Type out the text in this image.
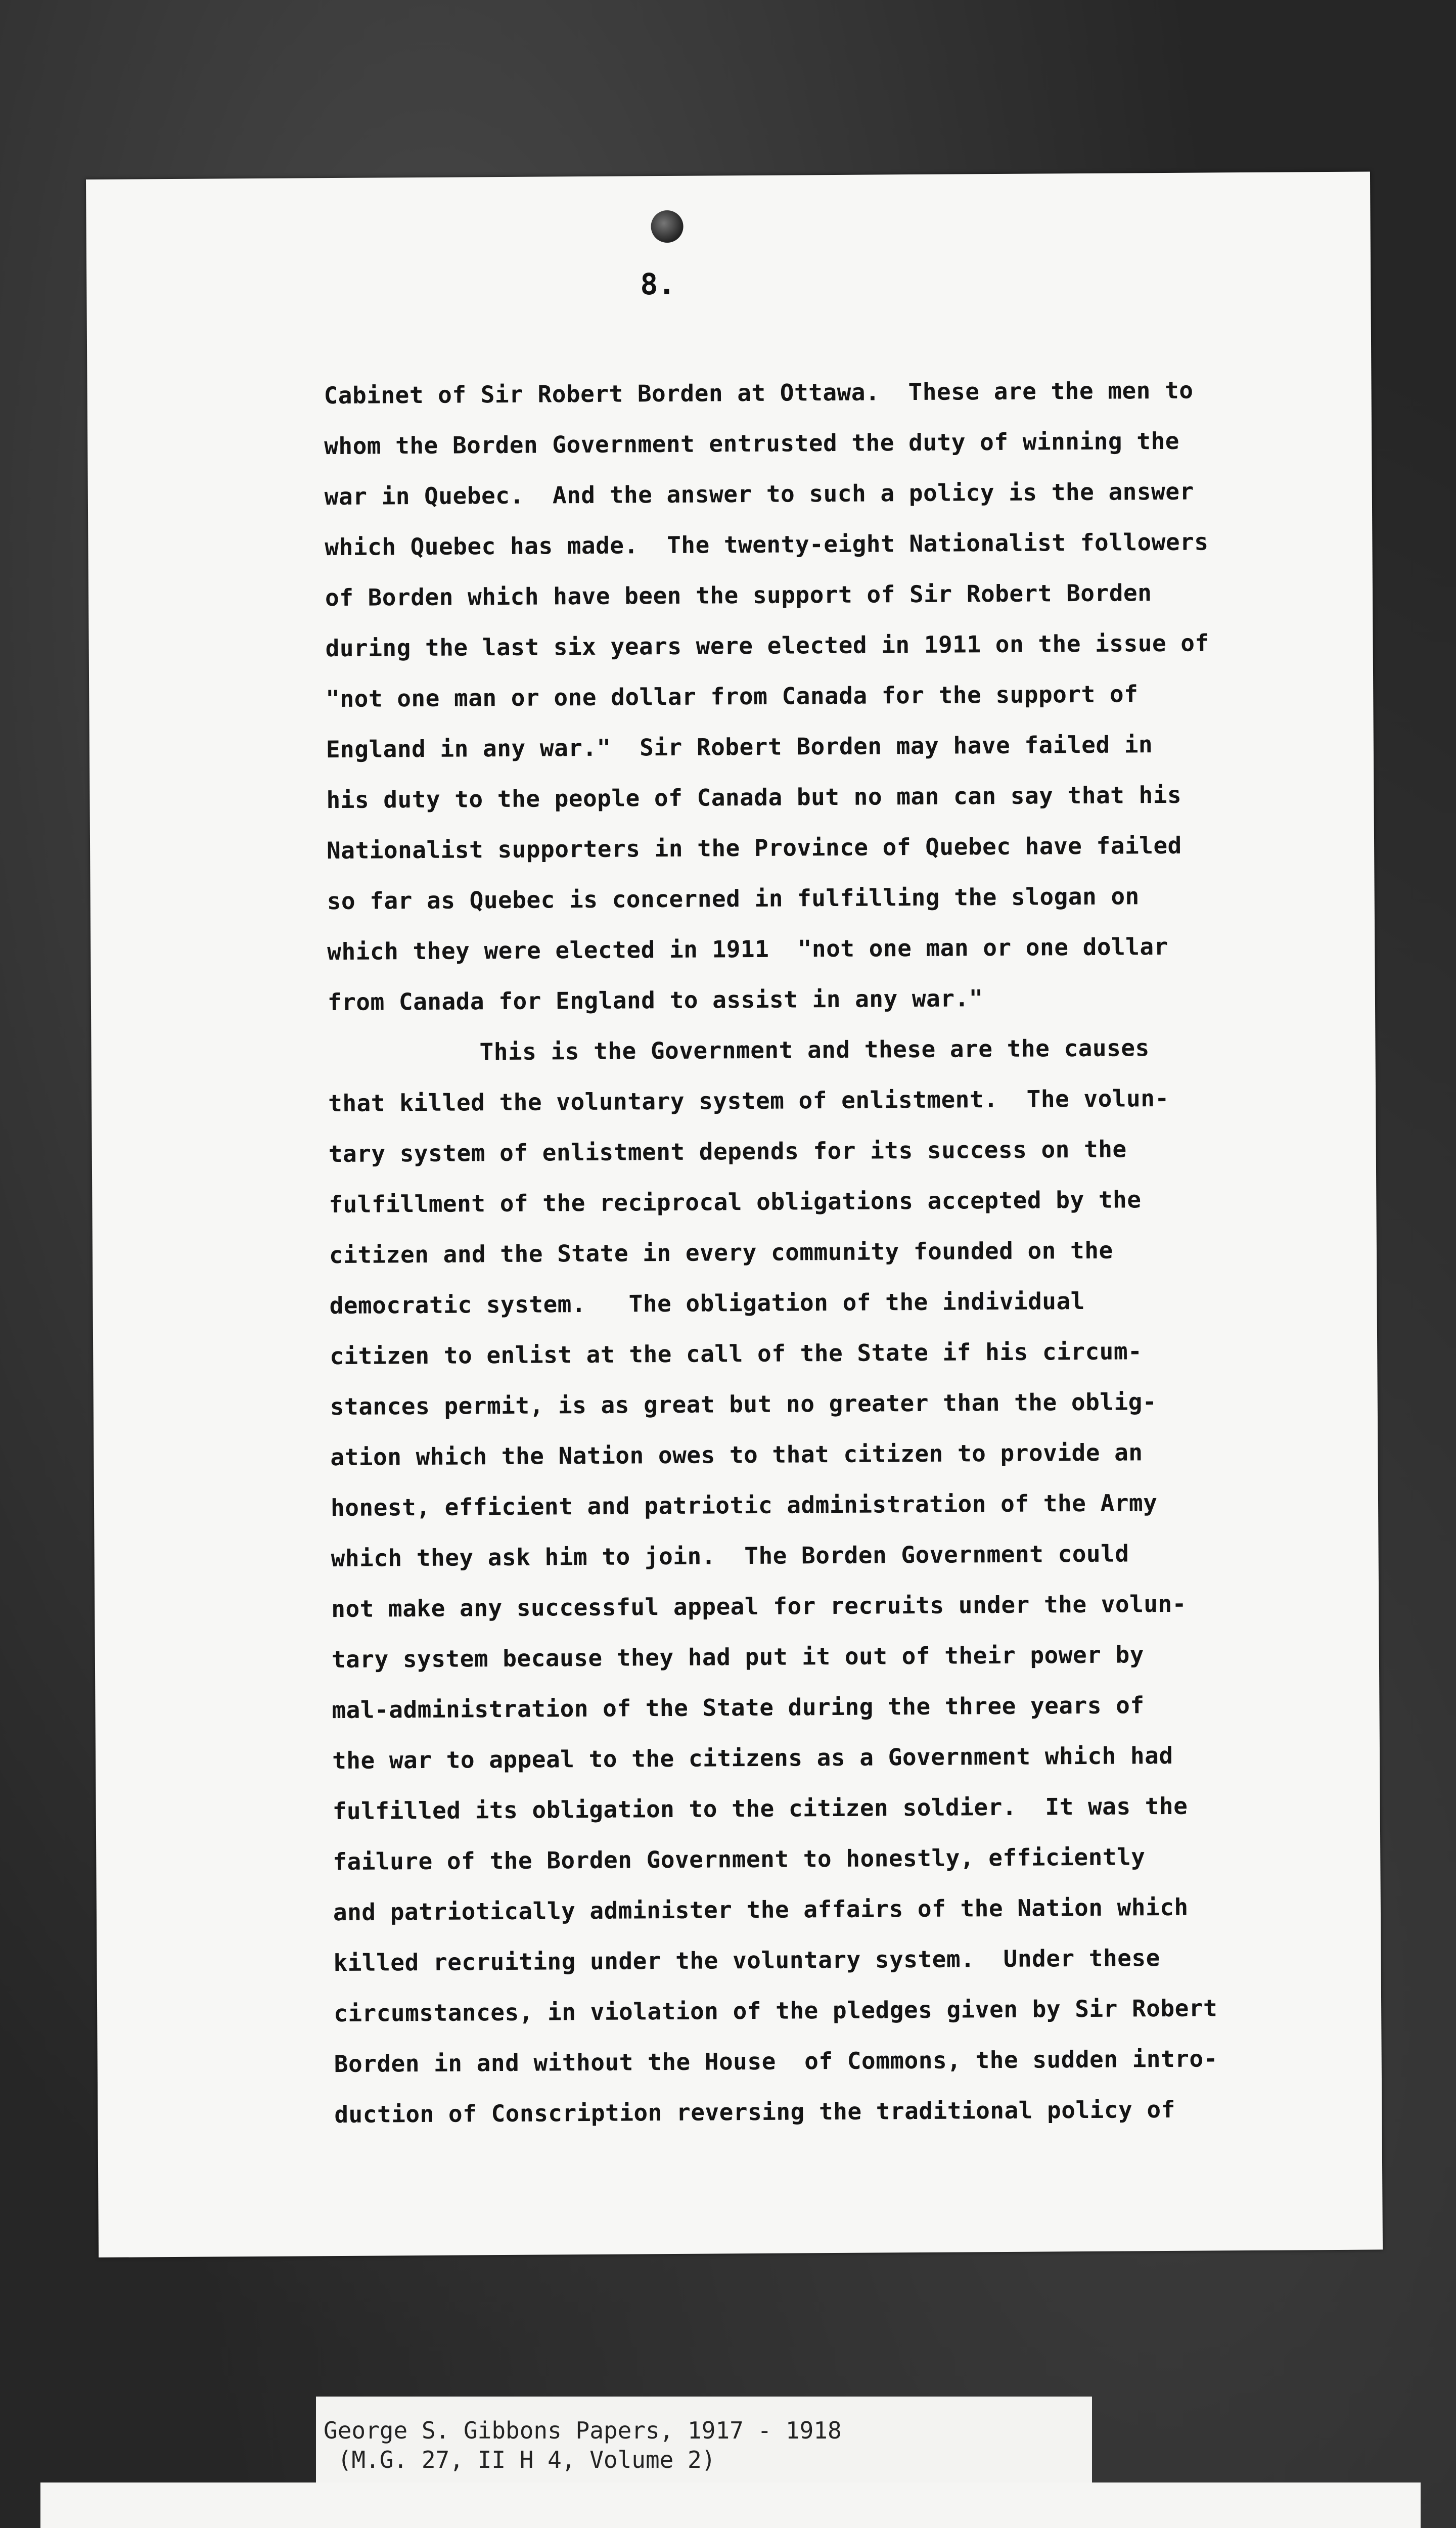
8.
Cabinet of Sir Robert Borden at Ottawa.  These are the men to
whom the Borden Government entrusted the duty of winning the
war in Quebec.  And the answer to such a policy is the answer
which Quebec has made.  The twenty-eight Nationalist followers
of Borden which have been the support of Sir Robert Borden
during the last six years were elected in 1911 on the issue of
"not one man or one dollar from Canada for the support of
England in any war."  Sir Robert Borden may have failed in
his duty to the people of Canada but no man can say that his
Nationalist supporters in the Province of Quebec have failed
so far as Quebec is concerned in fulfilling the slogan on
which they were elected in 1911  "not one man or one dollar
from Canada for England to assist in any war."
This is the Government and these are the causes
that killed the voluntary system of enlistment.  The volun-
tary system of enlistment depends for its success on the
fulfillment of the reciprocal obligations accepted by the
citizen and the State in every community founded on the
democratic system.   The obligation of the individual
citizen to enlist at the call of the State if his circum-
stances permit, is as great but no greater than the oblig-
ation which the Nation owes to that citizen to provide an
honest, efficient and patriotic administration of the Army
which they ask him to join.  The Borden Government could
not make any successful appeal for recruits under the volun-
tary system because they had put it out of their power by
mal-administration of the State during the three years of
the war to appeal to the citizens as a Government which had
fulfilled its obligation to the citizen soldier.  It was the
failure of the Borden Government to honestly, efficiently
and patriotically administer the affairs of the Nation which
killed recruiting under the voluntary system.  Under these
circumstances, in violation of the pledges given by Sir Robert
Borden in and without the House  of Commons, the sudden intro-
duction of Conscription reversing the traditional policy of
George S. Gibbons Papers, 1917 - 1918
(M.G. 27, II H 4, Volume 2)
